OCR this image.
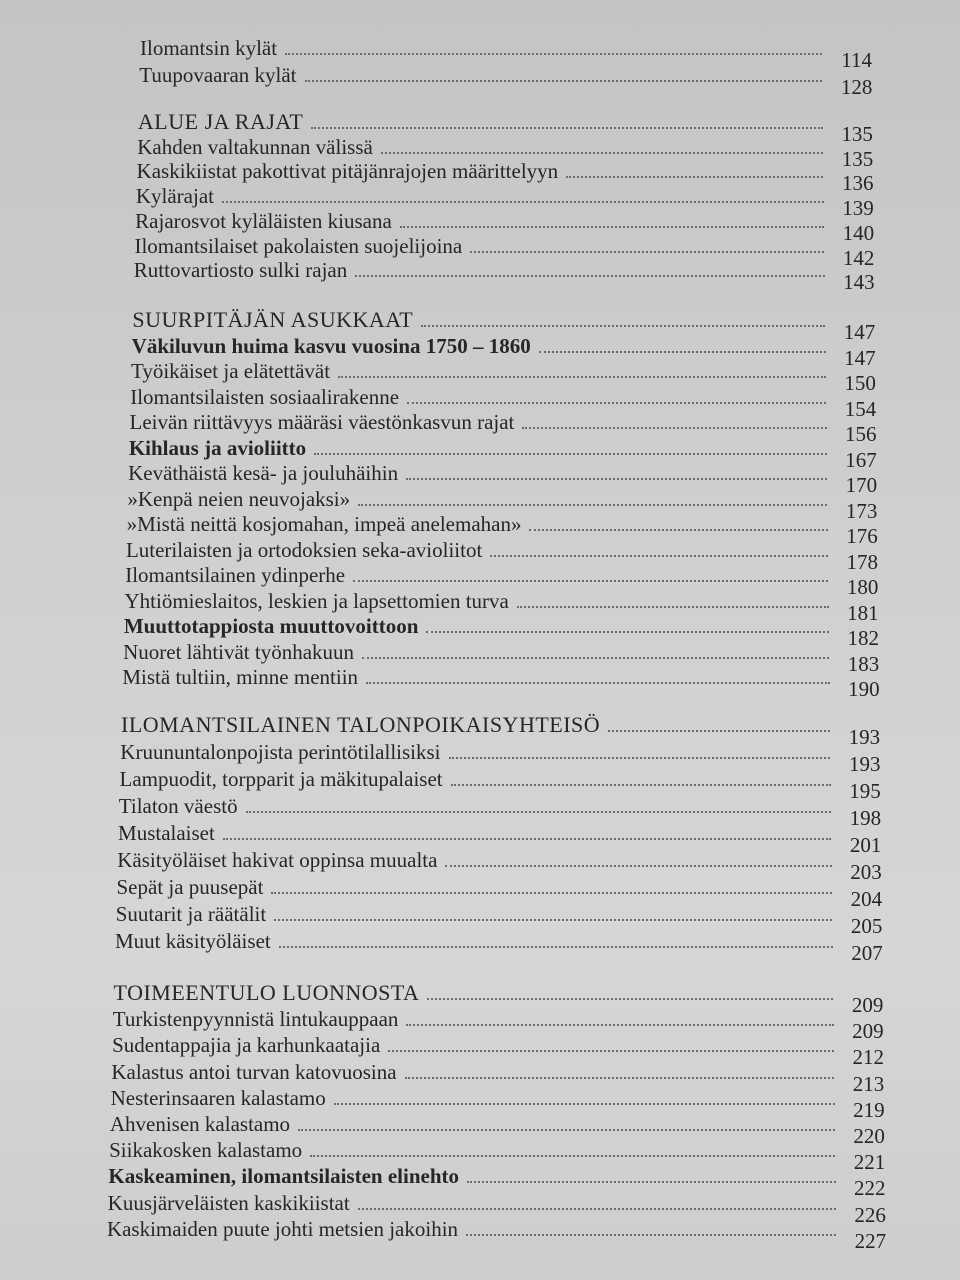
Ilomantsin kylät	114
Tuupovaaran kylät	128
ALUE JA RAJAT	135
Kahden valtakunnan välissä	135
Kaskikiistat pakottivat pitäjänrajojen määrittelyyn	136
Kylärajat	139
Rajarosvot kyläläisten kiusana	140
Ilomantsilaiset pakolaisten suojelijoina	142
Ruttovartiosto sulki rajan	143
SUURPITÄJÄN ASUKKAAT	147
Väkiluvun huima kasvu vuosina 1750 – 1860	147
Työikäiset ja elätettävät	150
Ilomantsilaisten sosiaalirakenne	154
Leivän riittävyys määräsi väestönkasvun rajat	156
Kihlaus ja avioliitto	167
Keväthäistä kesä- ja jouluhäihin	170
»Kenpä neien neuvojaksi»	173
»Mistä neittä kosjomahan, impeä anelemahan»	176
Luterilaisten ja ortodoksien seka-avioliitot	178
Ilomantsilainen ydinperhe	180
Yhtiömieslaitos, leskien ja lapsettomien turva	181
Muuttotappiosta muuttovoittoon	182
Nuoret lähtivät työnhakuun	183
Mistä tultiin, minne mentiin	190
ILOMANTSILAINEN TALONPOIKAISYHTEISÖ	193
Kruununtalonpojista perintötilallisiksi	193
Lampuodit, torpparit ja mäkitupalaiset	195
Tilaton väestö	198
Mustalaiset	201
Käsityöläiset hakivat oppinsa muualta	203
Sepät ja puusepät	204
Suutarit ja räätälit	205
Muut käsityöläiset	207
TOIMEENTULO LUONNOSTA	209
Turkistenpyynnistä lintukauppaan	209
Sudentappajia ja karhunkaatajia	212
Kalastus antoi turvan katovuosina	213
Nesterinsaaren kalastamo	219
Ahvenisen kalastamo	220
Siikakosken kalastamo	221
Kaskeaminen, ilomantsilaisten elinehto	222
Kuusjärveläisten kaskikiistat	226
Kaskimaiden puute johti metsien jakoihin	227
